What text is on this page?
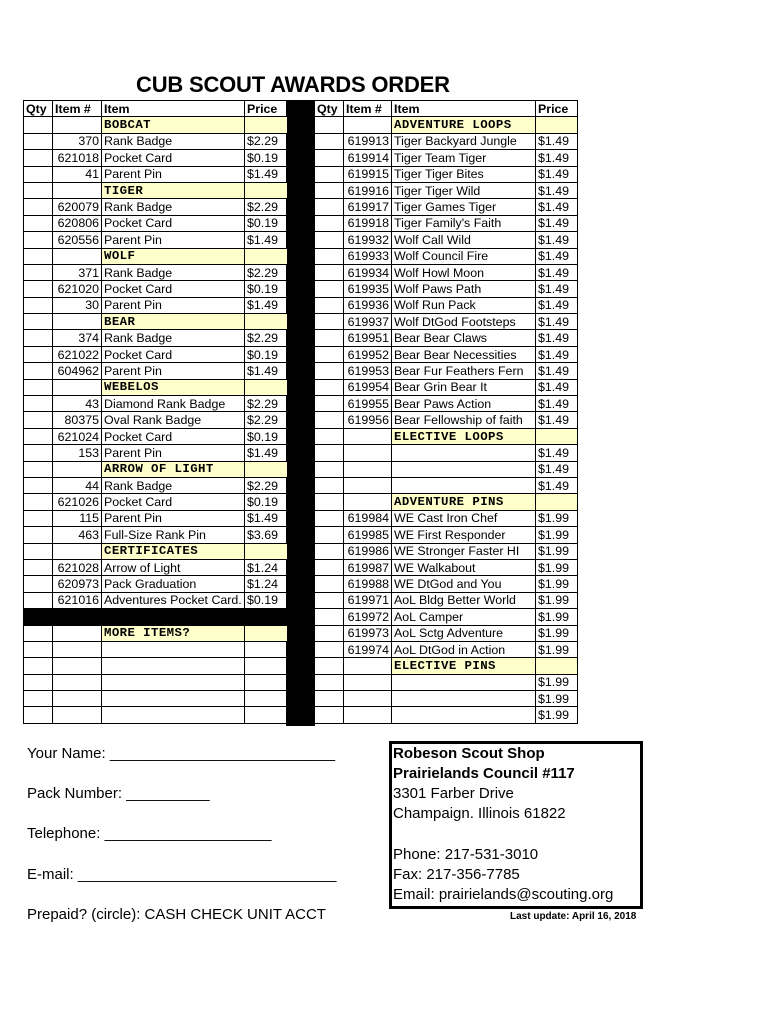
CUB SCOUT AWARDS ORDER
Qty	Item #	Item	Price
		BOBCAT	
	370	Rank Badge	$2.29
	621018	Pocket Card	$0.19
	41	Parent Pin	$1.49
		TIGER	
	620079	Rank Badge	$2.29
	620806	Pocket Card	$0.19
	620556	Parent Pin	$1.49
		WOLF	
	371	Rank Badge	$2.29
	621020	Pocket Card	$0.19
	30	Parent Pin	$1.49
		BEAR	
	374	Rank Badge	$2.29
	621022	Pocket Card	$0.19
	604962	Parent Pin	$1.49
		WEBELOS	
	43	Diamond Rank Badge	$2.29
	80375	Oval Rank Badge	$2.29
	621024	Pocket Card	$0.19
	153	Parent Pin	$1.49
		ARROW OF LIGHT	
	44	Rank Badge	$2.29
	621026	Pocket Card	$0.19
	115	Parent Pin	$1.49
	463	Full-Size Rank Pin	$3.69
		CERTIFICATES	
	621028	Arrow of Light	$1.24
	620973	Pack Graduation	$1.24
	621016	Adventures Pocket Card.	$0.19

		MORE ITEMS?	

Qty	Item #	Item	Price
		ADVENTURE LOOPS	
	619913	Tiger Backyard Jungle	$1.49
	619914	Tiger Team Tiger	$1.49
	619915	Tiger Tiger Bites	$1.49
	619916	Tiger Tiger Wild	$1.49
	619917	Tiger Games Tiger	$1.49
	619918	Tiger Family's Faith	$1.49
	619932	Wolf Call Wild	$1.49
	619933	Wolf Council Fire	$1.49
	619934	Wolf Howl Moon	$1.49
	619935	Wolf Paws Path	$1.49
	619936	Wolf Run Pack	$1.49
	619937	Wolf DtGod Footsteps	$1.49
	619951	Bear Bear Claws	$1.49
	619952	Bear Bear Necessities	$1.49
	619953	Bear Fur Feathers Fern	$1.49
	619954	Bear Grin Bear It	$1.49
	619955	Bear Paws Action	$1.49
	619956	Bear Fellowship of faith	$1.49
		ELECTIVE LOOPS	
			$1.49
			$1.49
			$1.49
		ADVENTURE PINS	
	619984	WE Cast Iron Chef	$1.99
	619985	WE First Responder	$1.99
	619986	WE Stronger Faster HI	$1.99
	619987	WE Walkabout	$1.99
	619988	WE DtGod and You	$1.99
	619971	AoL Bldg Better World	$1.99
	619972	AoL Camper	$1.99
	619973	AoL Sctg Adventure	$1.99
	619974	AoL DtGod in Action	$1.99
		ELECTIVE PINS	
			$1.99
			$1.99
			$1.99
Your Name: ___________________________
Pack Number: __________
Telephone: ____________________
E-mail: _______________________________
Prepaid? (circle): CASH CHECK UNIT ACCT
Robeson Scout Shop
Prairielands Council #117
3301 Farber Drive
Champaign. Illinois 61822
Phone: 217-531-3010
Fax: 217-356-7785
Email: prairielands@scouting.org
Last update: April 16, 2018
